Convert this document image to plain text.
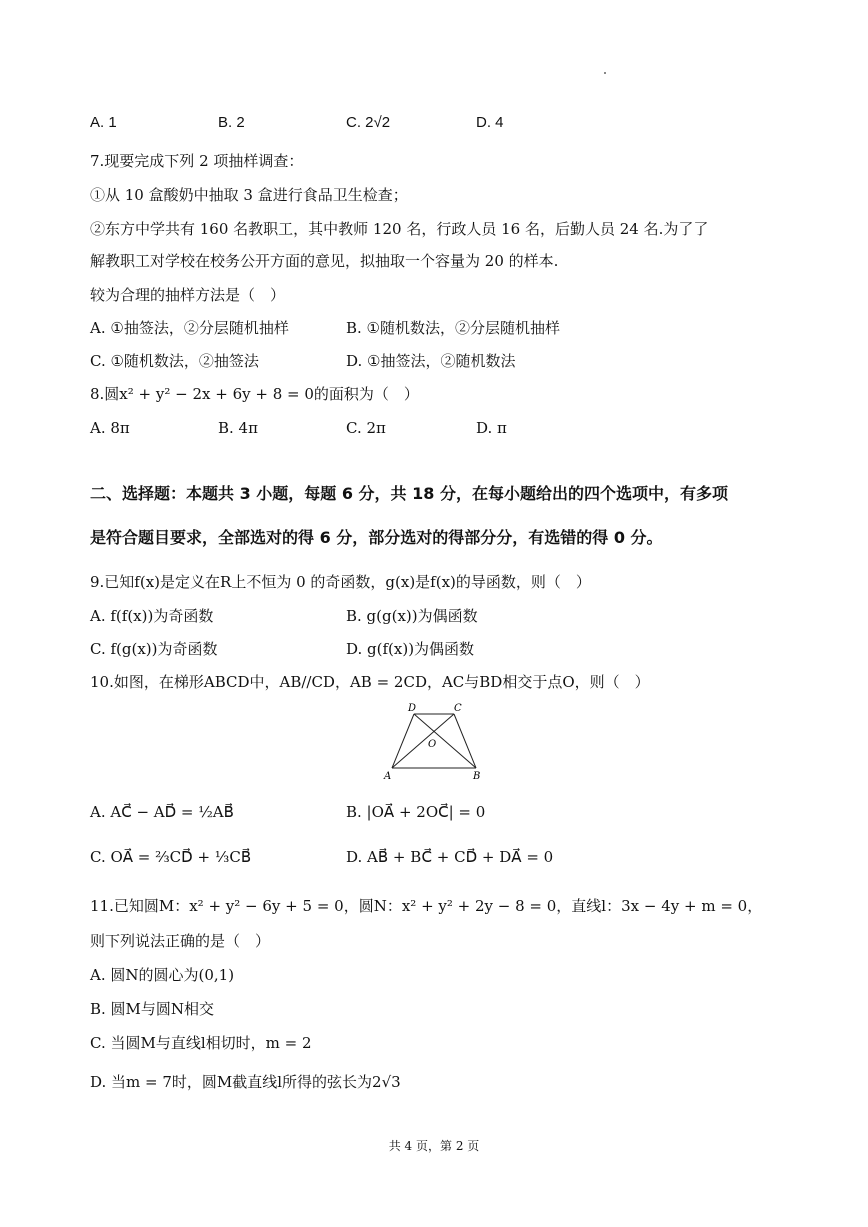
A. 1	B. 2	C. 2√2	D. 4
7.现要完成下列 2 项抽样调查：
①从 10 盒酸奶中抽取 3 盒进行食品卫生检查；
②东方中学共有 160 名教职工，其中教师 120 名，行政人员 16 名，后勤人员 24 名.为了了
解教职工对学校在校务公开方面的意见，拟抽取一个容量为 20 的样本.
较为合理的抽样方法是（　）
A. ①抽签法，②分层随机抽样	B. ①随机数法，②分层随机抽样
C. ①随机数法，②抽签法	D. ①抽签法，②随机数法
8.圆x² + y² − 2x + 6y + 8 = 0的面积为（　）
A. 8π	B. 4π	C. 2π	D. π
二、选择题：本题共 3 小题，每题 6 分，共 18 分，在每小题给出的四个选项中，有多项
是符合题目要求，全部选对的得 6 分，部分选对的得部分分，有选错的得 0 分。
9.已知f(x)是定义在R上不恒为 0 的奇函数，g(x)是f(x)的导函数，则（　）
A. f(f(x))为奇函数	B. g(g(x))为偶函数
C. f(g(x))为奇函数	D. g(f(x))为偶函数
10.如图，在梯形ABCD中，AB//CD，AB = 2CD，AC与BD相交于点O，则（　）
D	C
O
A	B
A. AC⃗ − AD⃗ = ½AB⃗	B. |OA⃗ + 2OC⃗| = 0
C. OA⃗ = ⅔CD⃗ + ⅓CB⃗	D. AB⃗ + BC⃗ + CD⃗ + DA⃗ = 0
11.已知圆M：x² + y² − 6y + 5 = 0，圆N：x² + y² + 2y − 8 = 0，直线l：3x − 4y + m = 0，
则下列说法正确的是（　）
A. 圆N的圆心为(0,1)
B. 圆M与圆N相交
C. 当圆M与直线l相切时，m = 2
D. 当m = 7时，圆M截直线l所得的弦长为2√3
共 4 页，第 2 页
